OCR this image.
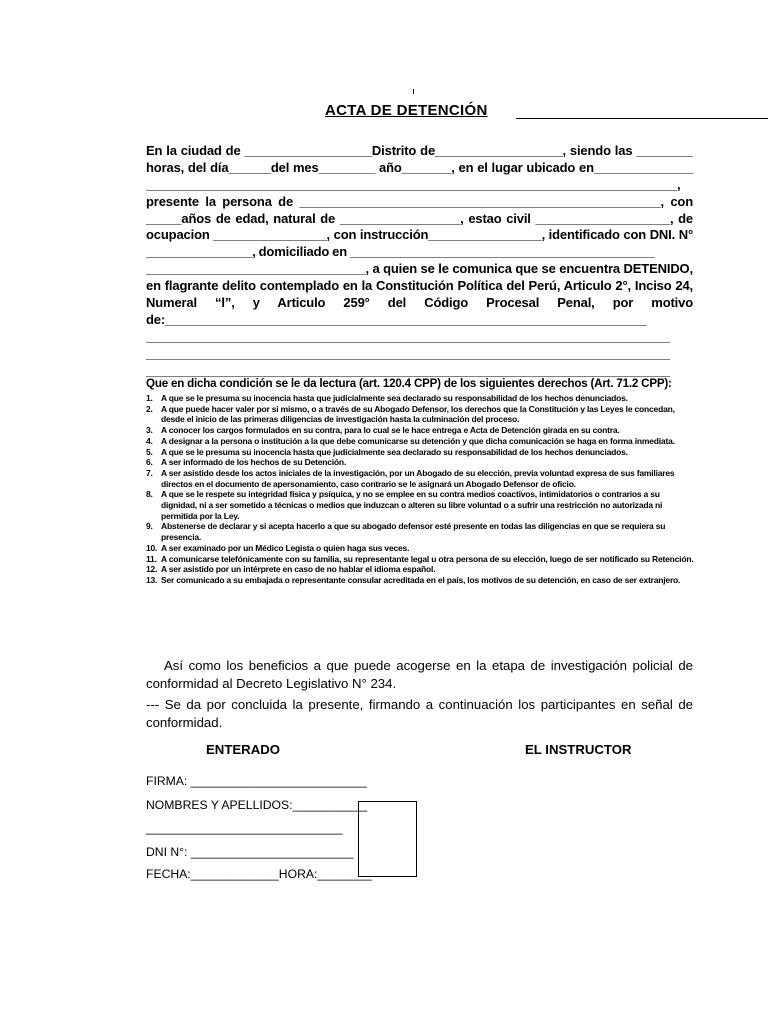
ACTA DE DETENCIÓN
En la ciudad de __________________Distrito de__________________, siendo las ________
horas, del día______del mes________ año_______, en el lugar ubicado en______________
___________________________________________________________________________,
presente la persona de ___________________________________________________, con
_____años de edad, natural de _________________, estao civil ___________________, de
ocupacion ________________, con instrucción________________, identificado con DNI. N°
_______________, domiciliado en ___________________________________________
_______________________________, a quien se le comunica que se encuentra DETENIDO,
en flagrante delito contemplado en la Constitución Política del Perú, Articulo 2°, Inciso 24,
Numeral “l”, y Articulo 259° del Código Procesal Penal, por motivo
de:____________________________________________________________________
__________________________________________________________________________
__________________________________________________________________________
__________________________________________________________________________

Que en dicha condición se le da lectura (art. 120.4 CPP) de los siguientes derechos (Art. 71.2 CPP):

1. A que se le presuma su inocencia hasta que judicialmente sea declarado su responsabilidad de los hechos denunciados.
2. A que puede hacer valer por si mismo, o a través de su Abogado Defensor, los derechos que la Constitución y las Leyes le concedan, desde el inicio de las primeras diligencias de investigación hasta la culminación del proceso.
3. A conocer los cargos formulados en su contra, para lo cual se le hace entrega e Acta de Detención girada en su contra.
4. A designar a la persona o institución a la que debe comunicarse su detención y que dicha comunicación se haga en forma inmediata.
5. A que se le presuma su inocencia hasta que judicialmente sea declarado su responsabilidad de los hechos denunciados.
6. A ser informado de los hechos de su Detención.
7. A ser asistido desde los actos iniciales de la investigación, por un Abogado de su elección, previa voluntad expresa de sus familiares directos en el documento de apersonamiento, caso contrario se le asignará un Abogado Defensor de oficio.
8. A que se le respete su integridad física y psíquica, y no se emplee en su contra medios coactivos, intimidatorios o contrarios a su dignidad, ni a ser sometido a técnicas o medios que induzcan o alteren su libre voluntad o a sufrir una restricción no autorizada ni permitida por la Ley.
9. Abstenerse de declarar y si acepta hacerlo a que su abogado defensor esté presente en todas las diligencias en que se requiera su presencia.
10. A ser examinado por un Médico Legista o quien haga sus veces.
11. A comunicarse telefónicamente con su familia, su representante legal u otra persona de su elección, luego de ser notificado su Retención.
12. A ser asistido por un intérprete en caso de no hablar el idioma español.
13. Ser comunicado a su embajada o representante consular acreditada en el país, los motivos de su detención, en caso de ser extranjero.

Así como los beneficios a que puede acogerse en la etapa de investigación policial de conformidad al Decreto Legislativo N° 234.

--- Se da por concluida la presente, firmando a continuación los participantes en señal de conformidad.

ENTERADO	EL INSTRUCTOR

FIRMA: __________________________

NOMBRES Y APELLIDOS:___________

_____________________________

DNI N°: ________________________

FECHA:_____________HORA:________
